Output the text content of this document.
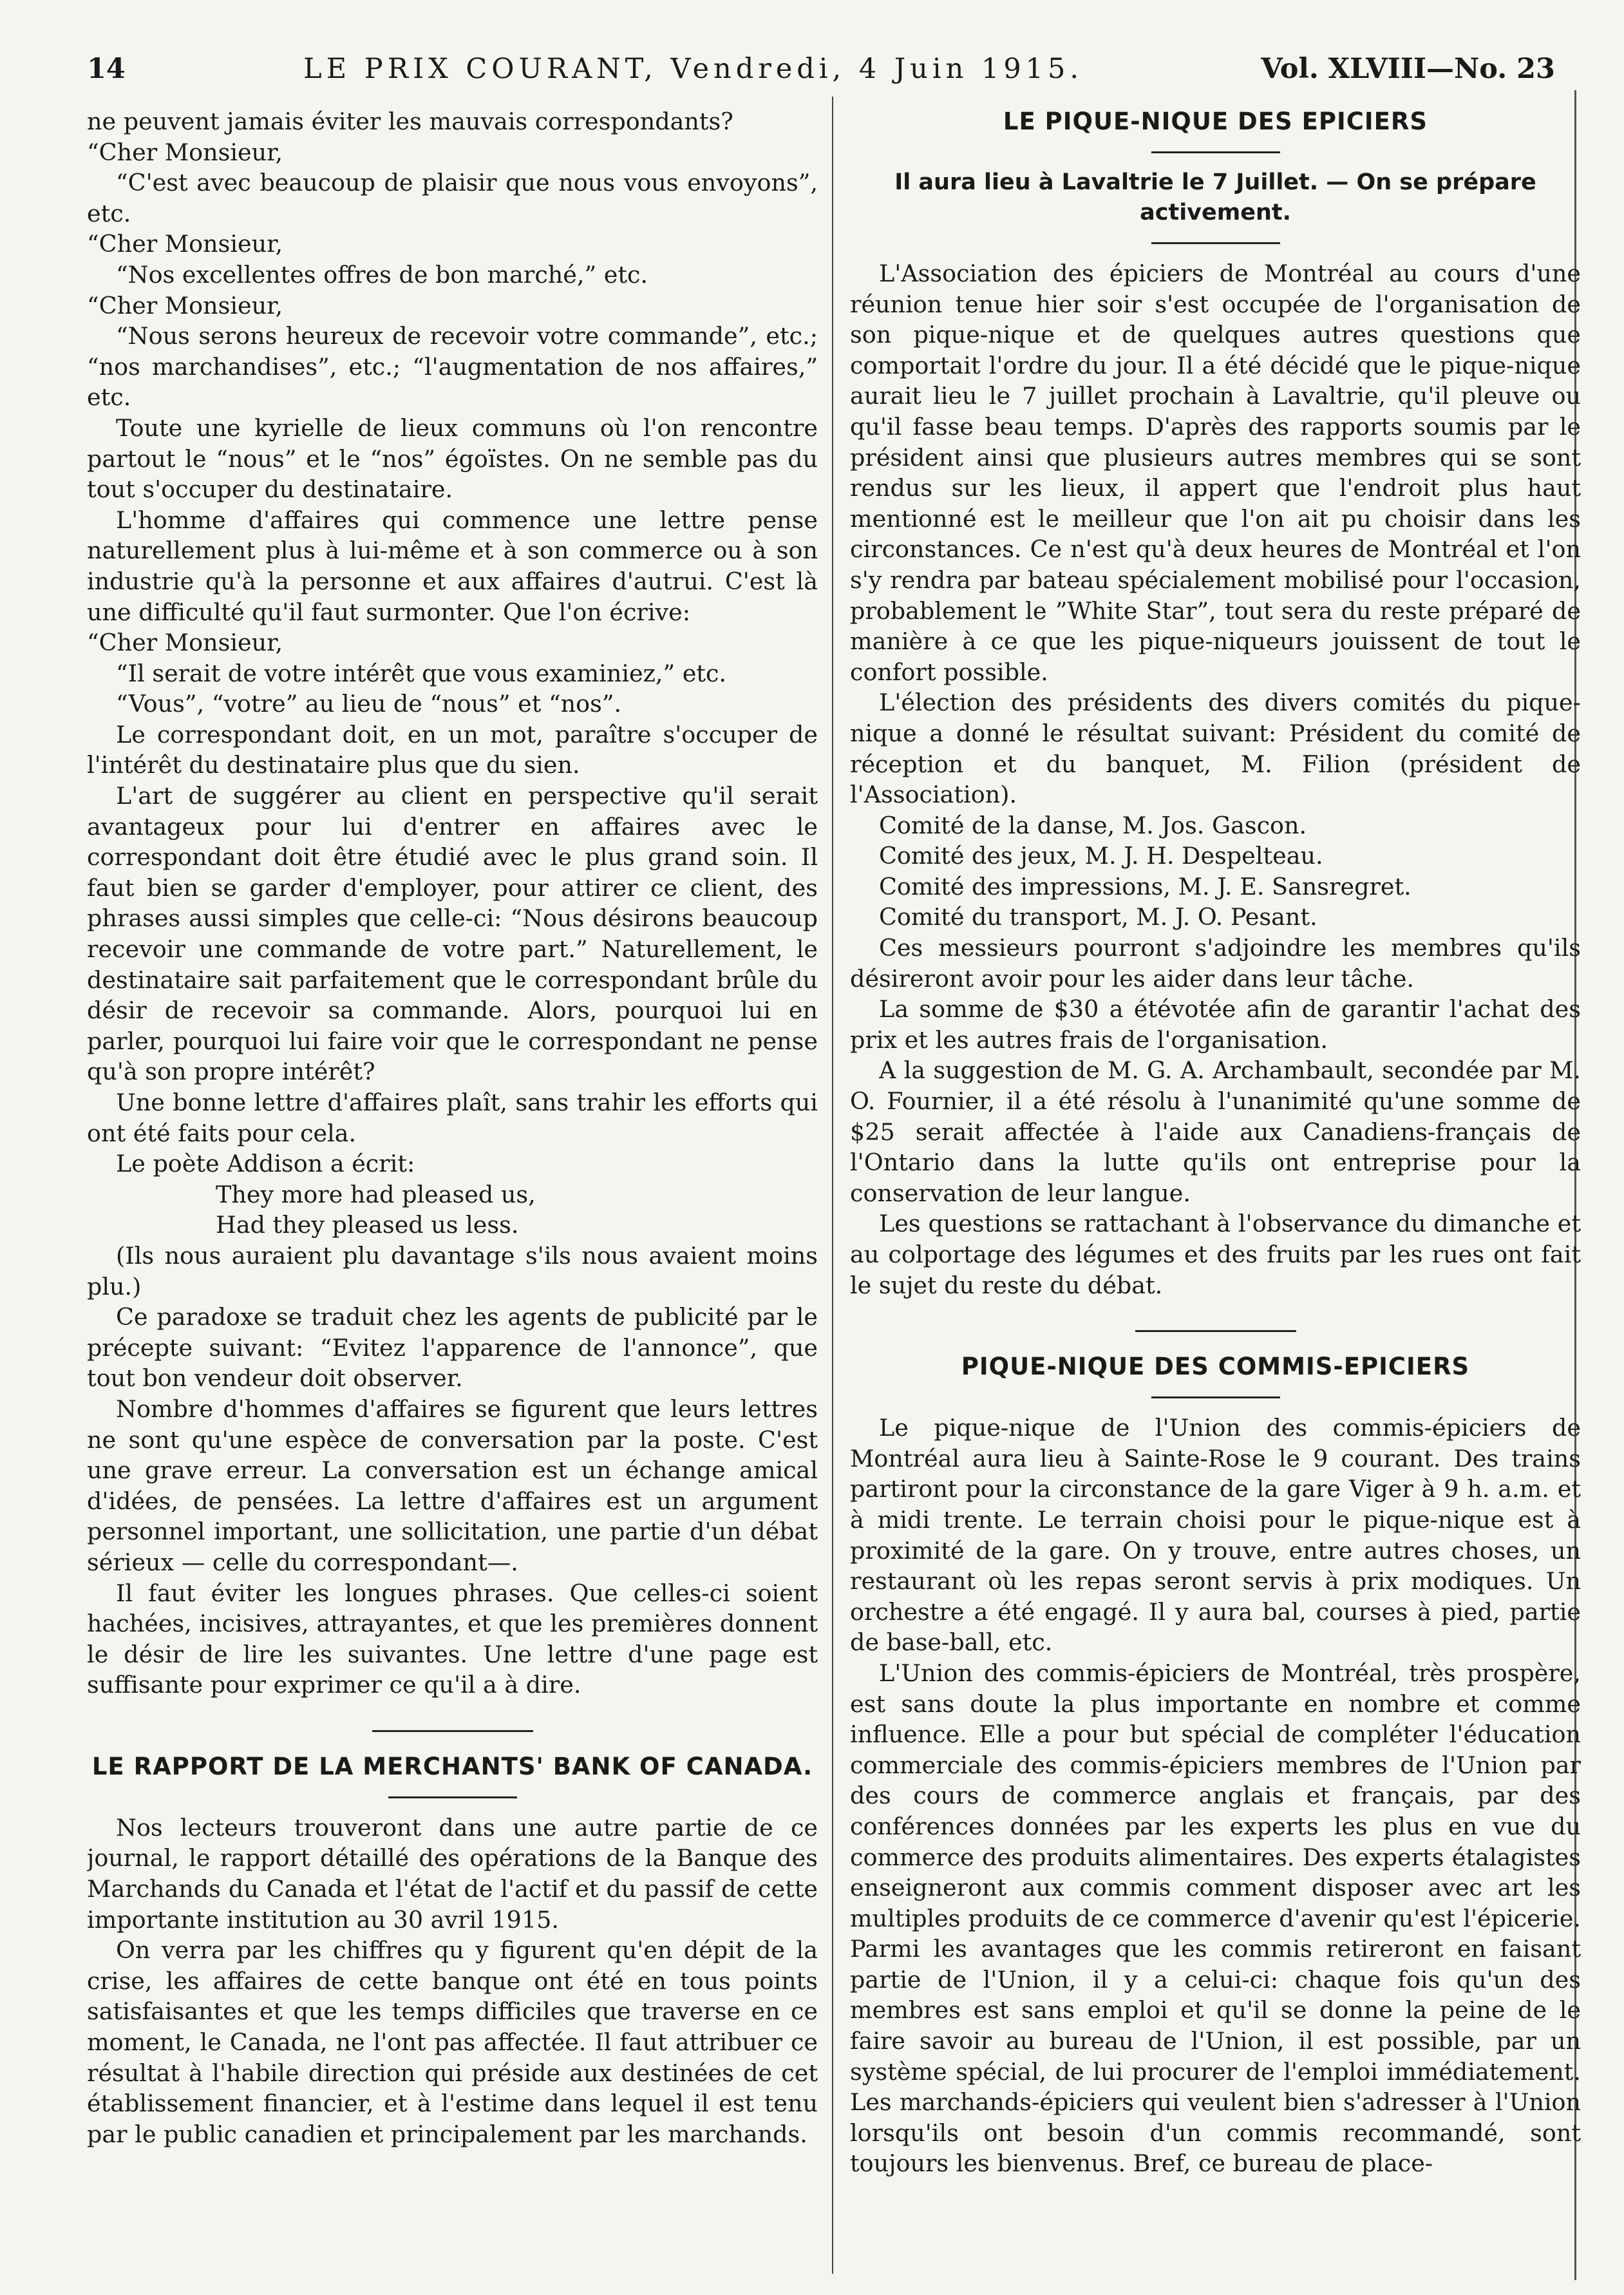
14	LE PRIX COURANT, Vendredi, 4 Juin 1915.	Vol. XLVIII—No. 23

ne peuvent jamais éviter les mauvais correspondants?

“Cher Monsieur,

“C'est avec beaucoup de plaisir que nous vous envoyons”, etc.

“Cher Monsieur,

“Nos excellentes offres de bon marché,” etc.

“Cher Monsieur,

“Nous serons heureux de recevoir votre commande”, etc.; “nos marchandises”, etc.; “l'augmentation de nos affaires,” etc.

Toute une kyrielle de lieux communs où l'on rencontre partout le “nous” et le “nos” égoïstes. On ne semble pas du tout s'occuper du destinataire.

L'homme d'affaires qui commence une lettre pense naturellement plus à lui-même et à son commerce ou à son industrie qu'à la personne et aux affaires d'autrui. C'est là une difficulté qu'il faut surmonter. Que l'on écrive:

“Cher Monsieur,

“Il serait de votre intérêt que vous examiniez,” etc.

“Vous”, “votre” au lieu de “nous” et “nos”.

Le correspondant doit, en un mot, paraître s'occuper de l'intérêt du destinataire plus que du sien.

L'art de suggérer au client en perspective qu'il serait avantageux pour lui d'entrer en affaires avec le correspondant doit être étudié avec le plus grand soin. Il faut bien se garder d'employer, pour attirer ce client, des phrases aussi simples que celle-ci: “Nous désirons beaucoup recevoir une commande de votre part.” Naturellement, le destinataire sait parfaitement que le correspondant brûle du désir de recevoir sa commande. Alors, pourquoi lui en parler, pourquoi lui faire voir que le correspondant ne pense qu'à son propre intérêt?

Une bonne lettre d'affaires plaît, sans trahir les efforts qui ont été faits pour cela.

Le poète Addison a écrit:

They more had pleased us,

Had they pleased us less.

(Ils nous auraient plu davantage s'ils nous avaient moins plu.)

Ce paradoxe se traduit chez les agents de publicité par le précepte suivant: “Evitez l'apparence de l'annonce”, que tout bon vendeur doit observer.

Nombre d'hommes d'affaires se figurent que leurs lettres ne sont qu'une espèce de conversation par la poste. C'est une grave erreur. La conversation est un échange amical d'idées, de pensées. La lettre d'affaires est un argument personnel important, une sollicitation, une partie d'un débat sérieux — celle du correspondant—.

Il faut éviter les longues phrases. Que celles-ci soient hachées, incisives, attrayantes, et que les premières donnent le désir de lire les suivantes. Une lettre d'une page est suffisante pour exprimer ce qu'il a à dire.

LE RAPPORT DE LA MERCHANTS' BANK OF CANADA.

Nos lecteurs trouveront dans une autre partie de ce journal, le rapport détaillé des opérations de la Banque des Marchands du Canada et l'état de l'actif et du passif de cette importante institution au 30 avril 1915.

On verra par les chiffres qu y figurent qu'en dépit de la crise, les affaires de cette banque ont été en tous points satisfaisantes et que les temps difficiles que traverse en ce moment, le Canada, ne l'ont pas affectée. Il faut attribuer ce résultat à l'habile direction qui préside aux destinées de cet établissement financier, et à l'estime dans lequel il est tenu par le public canadien et principalement par les marchands.

LE PIQUE-NIQUE DES EPICIERS
Il aura lieu à Lavaltrie le 7 Juillet. — On se prépare activement.

L'Association des épiciers de Montréal au cours d'une réunion tenue hier soir s'est occupée de l'organisation de son pique-nique et de quelques autres questions que comportait l'ordre du jour. Il a été décidé que le pique-nique aurait lieu le 7 juillet prochain à Lavaltrie, qu'il pleuve ou qu'il fasse beau temps. D'après des rapports soumis par le président ainsi que plusieurs autres membres qui se sont rendus sur les lieux, il appert que l'endroit plus haut mentionné est le meilleur que l'on ait pu choisir dans les circonstances. Ce n'est qu'à deux heures de Montréal et l'on s'y rendra par bateau spécialement mobilisé pour l'occasion, probablement le ”White Star”, tout sera du reste préparé de manière à ce que les pique-niqueurs jouissent de tout le confort possible.

L'élection des présidents des divers comités du pique-nique a donné le résultat suivant: Président du comité de réception et du banquet, M. Filion (président de l'Association).

Comité de la danse, M. Jos. Gascon.

Comité des jeux, M. J. H. Despelteau.

Comité des impressions, M. J. E. Sansregret.

Comité du transport, M. J. O. Pesant.

Ces messieurs pourront s'adjoindre les membres qu'ils désireront avoir pour les aider dans leur tâche.

La somme de $30 a étévotée afin de garantir l'achat des prix et les autres frais de l'organisation.

A la suggestion de M. G. A. Archambault, secondée par M. O. Fournier, il a été résolu à l'unanimité qu'une somme de $25 serait affectée à l'aide aux Canadiens-français de l'Ontario dans la lutte qu'ils ont entreprise pour la conservation de leur langue.

Les questions se rattachant à l'observance du dimanche et au colportage des légumes et des fruits par les rues ont fait le sujet du reste du débat.

PIQUE-NIQUE DES COMMIS-EPICIERS

Le pique-nique de l'Union des commis-épiciers de Montréal aura lieu à Sainte-Rose le 9 courant. Des trains partiront pour la circonstance de la gare Viger à 9 h. a.m. et à midi trente. Le terrain choisi pour le pique-nique est à proximité de la gare. On y trouve, entre autres choses, un restaurant où les repas seront servis à prix modiques. Un orchestre a été engagé. Il y aura bal, courses à pied, partie de base-ball, etc.

L'Union des commis-épiciers de Montréal, très prospère, est sans doute la plus importante en nombre et comme influence. Elle a pour but spécial de compléter l'éducation commerciale des commis-épiciers membres de l'Union par des cours de commerce anglais et français, par des conférences données par les experts les plus en vue du commerce des produits alimentaires. Des experts étalagistes enseigneront aux commis comment disposer avec art les multiples produits de ce commerce d'avenir qu'est l'épicerie. Parmi les avantages que les commis retireront en faisant partie de l'Union, il y a celui-ci: chaque fois qu'un des membres est sans emploi et qu'il se donne la peine de le faire savoir au bureau de l'Union, il est possible, par un système spécial, de lui procurer de l'emploi immédiatement. Les marchands-épiciers qui veulent bien s'adresser à l'Union lorsqu'ils ont besoin d'un commis recommandé, sont toujours les bienvenus. Bref, ce bureau de place-
